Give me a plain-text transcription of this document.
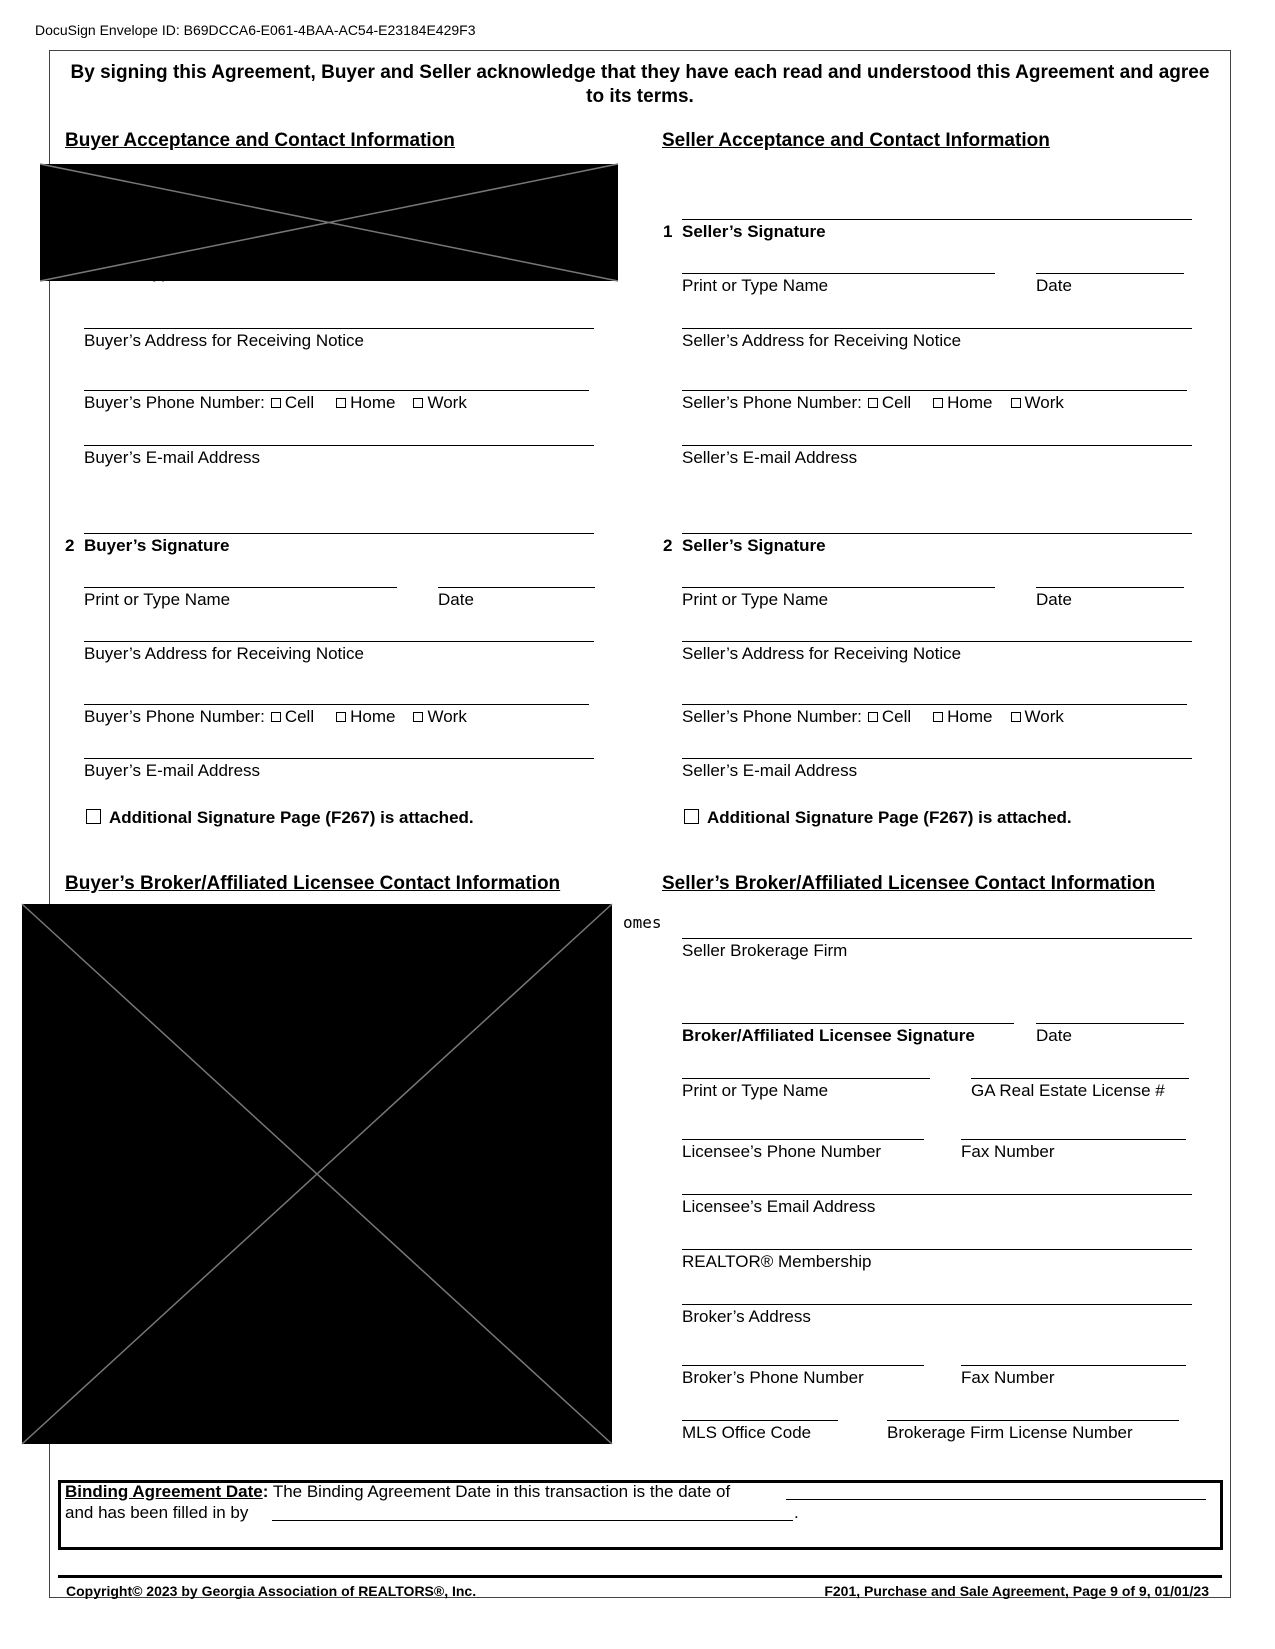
DocuSign Envelope ID: B69DCCA6-E061-4BAA-AC54-E23184E429F3
By signing this Agreement, Buyer and Seller acknowledge that they have each read and understood this Agreement and agree to its terms.
Buyer Acceptance and Contact Information	Seller Acceptance and Contact Information
Buyer’s Address for Receiving Notice
Buyer’s Phone Number: Cell Home Work
Buyer’s E-mail Address
2 Buyer’s Signature
Print or Type Name	Date
Buyer’s Address for Receiving Notice
Buyer’s Phone Number: Cell Home Work
Buyer’s E-mail Address
Additional Signature Page (F267) is attached.
1 Seller’s Signature
Print or Type Name	Date
Seller’s Address for Receiving Notice
Seller’s Phone Number: Cell Home Work
Seller’s E-mail Address
2 Seller’s Signature
Print or Type Name	Date
Seller’s Address for Receiving Notice
Seller’s Phone Number: Cell Home Work
Seller’s E-mail Address
Additional Signature Page (F267) is attached.
Buyer’s Broker/Affiliated Licensee Contact Information	Seller’s Broker/Affiliated Licensee Contact Information
omes
Seller Brokerage Firm
Broker/Affiliated Licensee Signature	Date
Print or Type Name	GA Real Estate License #
Licensee’s Phone Number	Fax Number
Licensee’s Email Address
REALTOR® Membership
Broker’s Address
Broker’s Phone Number	Fax Number
MLS Office Code	Brokerage Firm License Number
Binding Agreement Date: The Binding Agreement Date in this transaction is the date of
and has been filled in by	.
Copyright© 2023 by Georgia Association of REALTORS®, Inc.	F201, Purchase and Sale Agreement, Page 9 of 9, 01/01/23
